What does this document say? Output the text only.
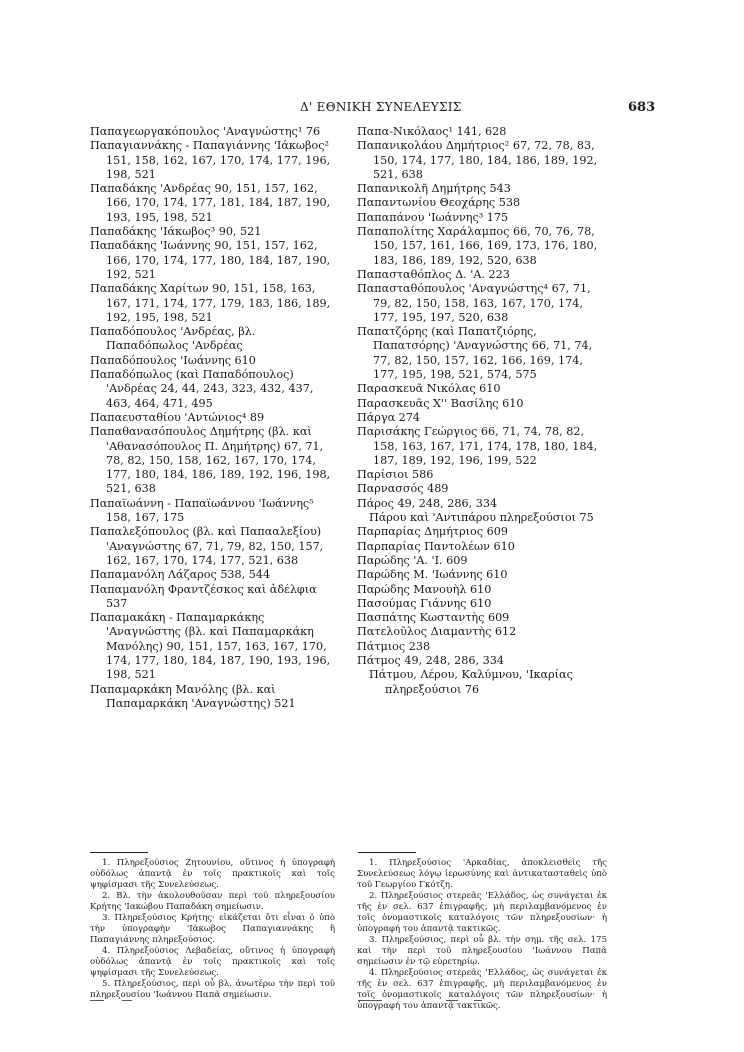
Δ' ΕΘΝΙΚΗ ΣΥΝΕΛΕΥΣΙΣ	683
Παπαγεωργακόπουλος 'Αναγνώστης¹ 76
Παπαγιαννάκης - Παπαγιάννης 'Ιάκωβος² 151, 158, 162, 167, 170, 174, 177, 196, 198, 521
Παπαδάκης 'Ανδρέας 90, 151, 157, 162, 166, 170, 174, 177, 181, 184, 187, 190, 193, 195, 198, 521
Παπαδάκης 'Ιάκωβος³ 90, 521
Παπαδάκης 'Ιωάννης 90, 151, 157, 162, 166, 170, 174, 177, 180, 184, 187, 190, 192, 521
Παπαδάκης Χαρίτων 90, 151, 158, 163, 167, 171, 174, 177, 179, 183, 186, 189, 192, 195, 198, 521
Παπαδόπουλος 'Ανδρέας, βλ. Παπαδόπωλος 'Ανδρέας
Παπαδόπουλος 'Ιωάννης 610
Παπαδόπωλος (καὶ Παπαδόπουλος) 'Ανδρέας 24, 44, 243, 323, 432, 437, 463, 464, 471, 495
Παπαευσταθίου 'Αντώνιος⁴ 89
Παπαθανασόπουλος Δημήτρης (βλ. καὶ 'Αθανασόπουλος Π. Δημήτρης) 67, 71, 78, 82, 150, 158, 162, 167, 170, 174, 177, 180, 184, 186, 189, 192, 196, 198, 521, 638
Παπαϊωάννη - Παπαϊωάννου 'Ιωάννης⁵ 158, 167, 175
Παπαλεξόπουλος (βλ. καὶ Παπααλεξίου) 'Αναγνώστης 67, 71, 79, 82, 150, 157, 162, 167, 170, 174, 177, 521, 638
Παπαμανόλη Λάζαρος 538, 544
Παπαμανόλη Φραντζέσκος καὶ ἀδέλφια 537
Παπαμακάκη - Παπαμαρκάκης 'Αναγνώστης (βλ. καὶ Παπαμαρκάκη Μανόλης) 90, 151, 157, 163, 167, 170, 174, 177, 180, 184, 187, 190, 193, 196, 198, 521
Παπαμαρκάκη Μανόλης (βλ. καὶ Παπαμαρκάκη 'Αναγνώστης) 521
Παπα-Νικόλαος¹ 141, 628
Παπανικολάου Δημήτριος² 67, 72, 78, 83, 150, 174, 177, 180, 184, 186, 189, 192, 521, 638
Παπανικολῆ Δημήτρης 543
Παπαντωνίου Θεοχάρης 538
Παπαπάνου 'Ιωάννης³ 175
Παπαπολίτης Χαράλαμπος 66, 70, 76, 78, 150, 157, 161, 166, 169, 173, 176, 180, 183, 186, 189, 192, 520, 638
Παπασταθόπλος Δ. 'Α. 223
Παπασταθόπουλος 'Αναγνώστης⁴ 67, 71, 79, 82, 150, 158, 163, 167, 170, 174, 177, 195, 197, 520, 638
Παπατζόρης (καὶ Παπατζιόρης, Παπατσόρης) 'Αναγνώστης 66, 71, 74, 77, 82, 150, 157, 162, 166, 169, 174, 177, 195, 198, 521, 574, 575
Παρασκευᾶ Νικόλας 610
Παρασκευᾶς Χ'' Βασίλης 610
Πάργα 274
Παρισάκης Γεώργιος 66, 71, 74, 78, 82, 158, 163, 167, 171, 174, 178, 180, 184, 187, 189, 192, 196, 199, 522
Παρίσιοι 586
Παρνασσός 489
Πάρος 49, 248, 286, 334
Πάρου καὶ 'Αντιπάρου πληρεξούσιοι 75
Παρπαρίας Δημήτριος 609
Παρπαρίας Παντολέων 610
Παρώδης 'Α. 'Ι. 609
Παρώδης Μ. 'Ιωάννης 610
Παρώδης Μανουὴλ 610
Πασούμας Γιάννης 610
Πασπάτης Κωσταντὴς 609
Πατελοῦλος Διαμαντὴς 612
Πάτμιος 238
Πάτμος 49, 248, 286, 334
Πάτμου, Λέρου, Καλύμνου, 'Ικαρίας πληρεξούσιοι 76
1. Πληρεξούσιος Ζητουνίου, οὔτινος ἡ ὑπογραφὴ οὐδόλως ἀπαντᾷ ἐν τοῖς πρακτικοῖς καὶ τοῖς ψηφίσμασι τῆς Συνελεύσεως.
2. Βλ. τὴν ἀκολουθοῦσαν περὶ τοῦ πληρεξουσίου Κρήτης 'Ιακώβου Παπαδάκη σημείωσιν.
3. Πληρεξούσιος Κρήτης· εἰκάζεται ὅτι εἶναι ὁ ὑπὸ τὴν ὑπογραφὴν 'Ιάκωβος Παπαγιαννάκης ἢ Παπαγιάννης πληρεξούσιος.
4. Πληρεξούσιος Λεβαδείας, οὔτινος ἡ ὑπογραφὴ οὐδόλως ἀπαντᾷ ἐν τοῖς πρακτικοῖς καὶ τοῖς ψηφίσμασι τῆς Συνελεύσεως.
5. Πληρεξούσιος, περὶ οὗ βλ. ἀνωτέρω τὴν περὶ τοῦ πληρεξουσίου 'Ιωάννου Παπᾶ σημείωσιν.
1. Πληρεξούσιος 'Αρκαδίας, ἀποκλεισθεὶς τῆς Συνελεύσεως λόγῳ ἱερωσύνης καὶ ἀντικατασταθεὶς ὑπὸ τοῦ Γεωργίου Γκότζη.
2. Πληρεξούσιος στερεᾶς 'Ελλάδος, ὡς συνάγεται ἐκ τῆς ἐν σελ. 637 ἐπιγραφῆς, μὴ περιλαμβανόμενος ἐν τοῖς ὀνομαστικοῖς καταλόγοις τῶν πληρεξουσίων· ἡ ὑπογραφή του ἀπαντᾷ τακτικῶς.
3. Πληρεξούσιος, περὶ οὗ βλ. τὴν σημ. τῆς σελ. 175 καὶ τὴν περὶ τοῦ πληρεξουσίου 'Ιωάννου Παπᾶ σημείωσιν ἐν τῷ εὑρετηρίῳ.
4. Πληρεξούσιος στερεᾶς 'Ελλάδος, ὡς συνάγεται ἐκ τῆς ἐν σελ. 637 ἐπιγραφῆς, μὴ περιλαμβανόμενος ἐν τοῖς ὀνομαστικοῖς καταλόγοις τῶν πληρεξουσίων· ἡ ὑπογραφή του ἀπαντᾷ τακτικῶς.
